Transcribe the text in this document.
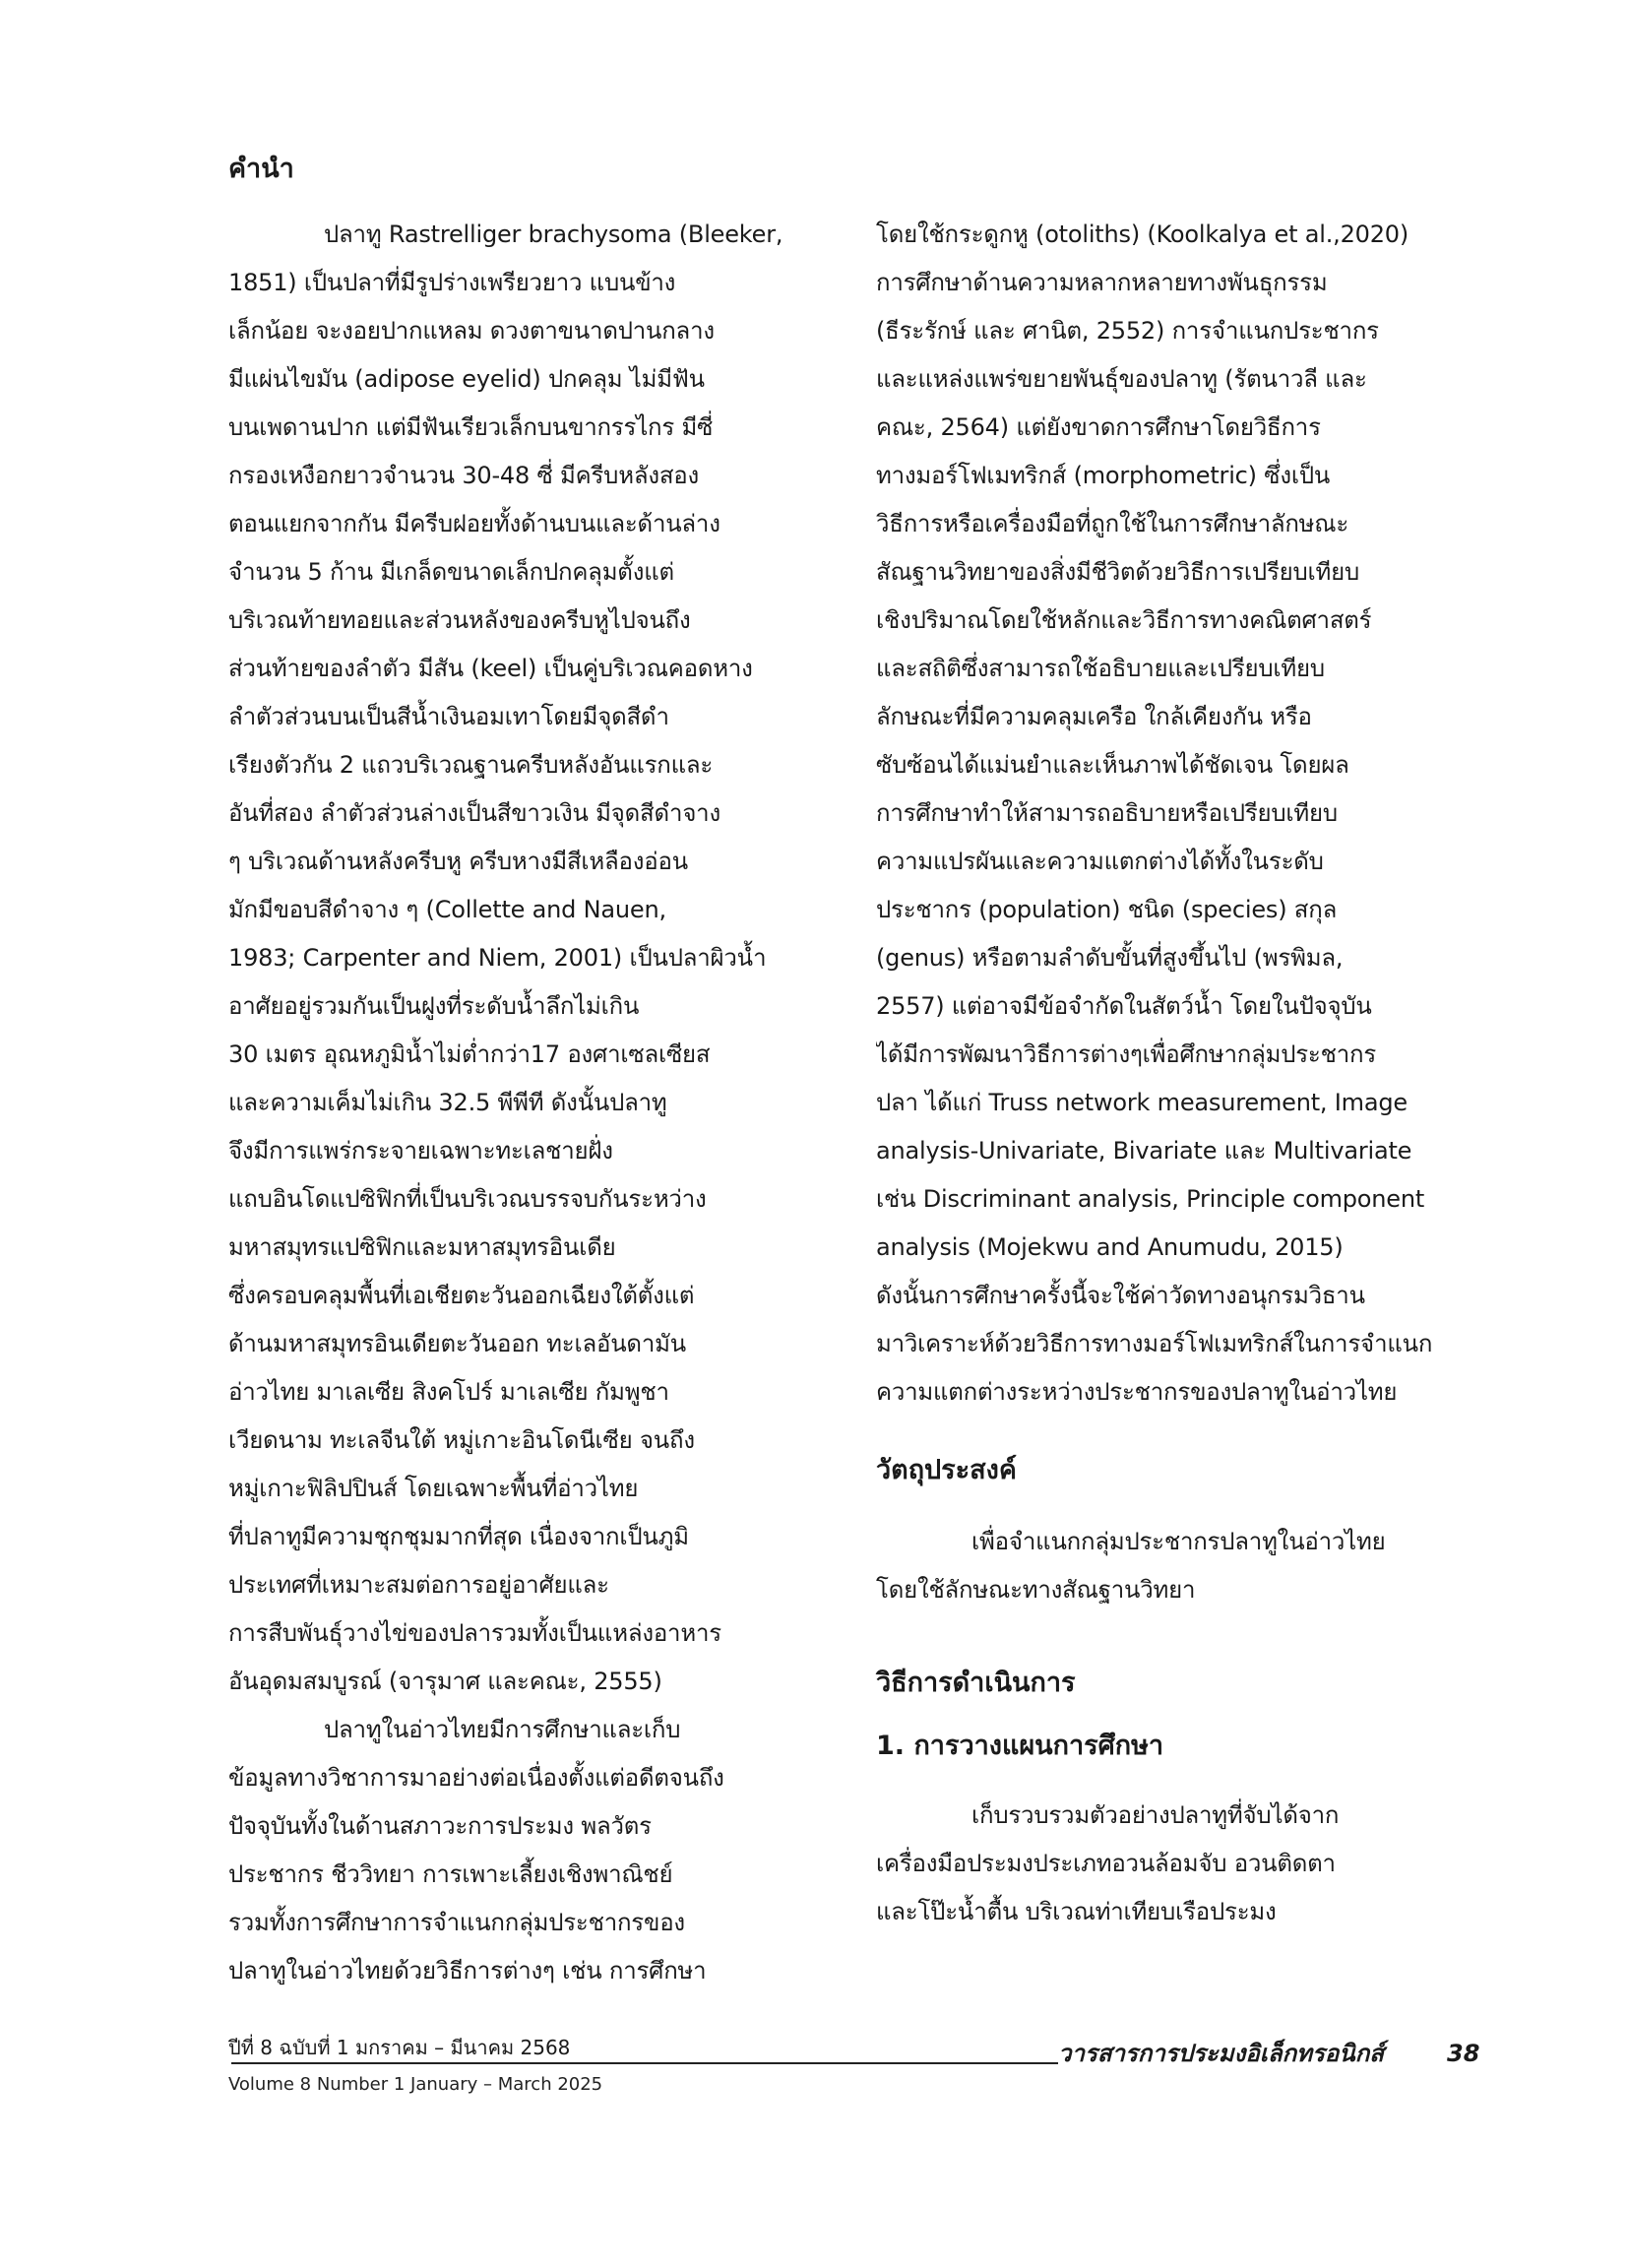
คำนำ
ปลาทู Rastrelliger brachysoma (Bleeker,
1851) เป็นปลาที่มีรูปร่างเพรียวยาว แบนข้าง
เล็กน้อย จะงอยปากแหลม ดวงตาขนาดปานกลาง
มีแผ่นไขมัน (adipose eyelid) ปกคลุม ไม่มีฟัน
บนเพดานปาก แต่มีฟันเรียวเล็กบนขากรรไกร มีซี่
กรองเหงือกยาวจำนวน 30-48 ซี่ มีครีบหลังสอง
ตอนแยกจากกัน มีครีบฝอยทั้งด้านบนและด้านล่าง
จำนวน 5 ก้าน มีเกล็ดขนาดเล็กปกคลุมตั้งแต่
บริเวณท้ายทอยและส่วนหลังของครีบหูไปจนถึง
ส่วนท้ายของลำตัว มีสัน (keel) เป็นคู่บริเวณคอดหาง
ลำตัวส่วนบนเป็นสีน้ำเงินอมเทาโดยมีจุดสีดำ
เรียงตัวกัน 2 แถวบริเวณฐานครีบหลังอันแรกและ
อันที่สอง ลำตัวส่วนล่างเป็นสีขาวเงิน มีจุดสีดำจาง
ๆ บริเวณด้านหลังครีบหู ครีบหางมีสีเหลืองอ่อน
มักมีขอบสีดำจาง ๆ (Collette and Nauen,
1983; Carpenter and Niem, 2001) เป็นปลาผิวน้ำ
อาศัยอยู่รวมกันเป็นฝูงที่ระดับน้ำลึกไม่เกิน
30 เมตร อุณหภูมิน้ำไม่ต่ำกว่า17 องศาเซลเซียส
และความเค็มไม่เกิน 32.5 พีพีที ดังนั้นปลาทู
จึงมีการแพร่กระจายเฉพาะทะเลชายฝั่ง
แถบอินโดแปซิฟิกที่เป็นบริเวณบรรจบกันระหว่าง
มหาสมุทรแปซิฟิกและมหาสมุทรอินเดีย
ซึ่งครอบคลุมพื้นที่เอเชียตะวันออกเฉียงใต้ตั้งแต่
ด้านมหาสมุทรอินเดียตะวันออก ทะเลอันดามัน
อ่าวไทย มาเลเซีย สิงคโปร์ มาเลเซีย กัมพูชา
เวียดนาม ทะเลจีนใต้ หมู่เกาะอินโดนีเซีย จนถึง
หมู่เกาะฟิลิปปินส์ โดยเฉพาะพื้นที่อ่าวไทย
ที่ปลาทูมีความชุกชุมมากที่สุด เนื่องจากเป็นภูมิ
ประเทศที่เหมาะสมต่อการอยู่อาศัยและ
การสืบพันธุ์วางไข่ของปลารวมทั้งเป็นแหล่งอาหาร
อันอุดมสมบูรณ์ (จารุมาศ และคณะ, 2555)
ปลาทูในอ่าวไทยมีการศึกษาและเก็บ
ข้อมูลทางวิชาการมาอย่างต่อเนื่องตั้งแต่อดีตจนถึง
ปัจจุบันทั้งในด้านสภาวะการประมง พลวัตร
ประชากร ชีววิทยา การเพาะเลี้ยงเชิงพาณิชย์
รวมทั้งการศึกษาการจำแนกกลุ่มประชากรของ
ปลาทูในอ่าวไทยด้วยวิธีการต่างๆ เช่น การศึกษา
โดยใช้กระดูกหู (otoliths) (Koolkalya et al.,2020)
การศึกษาด้านความหลากหลายทางพันธุกรรม
(ธีระรักษ์ และ ศานิต, 2552) การจำแนกประชากร
และแหล่งแพร่ขยายพันธุ์ของปลาทู (รัตนาวลี และ
คณะ, 2564) แต่ยังขาดการศึกษาโดยวิธีการ
ทางมอร์โฟเมทริกส์ (morphometric) ซึ่งเป็น
วิธีการหรือเครื่องมือที่ถูกใช้ในการศึกษาลักษณะ
สัณฐานวิทยาของสิ่งมีชีวิตด้วยวิธีการเปรียบเทียบ
เชิงปริมาณโดยใช้หลักและวิธีการทางคณิตศาสตร์
และสถิติซึ่งสามารถใช้อธิบายและเปรียบเทียบ
ลักษณะที่มีความคลุมเครือ ใกล้เคียงกัน หรือ
ซับซ้อนได้แม่นยำและเห็นภาพได้ชัดเจน โดยผล
การศึกษาทำให้สามารถอธิบายหรือเปรียบเทียบ
ความแปรผันและความแตกต่างได้ทั้งในระดับ
ประชากร (population) ชนิด (species) สกุล
(genus) หรือตามลำดับขั้นที่สูงขึ้นไป (พรพิมล,
2557) แต่อาจมีข้อจำกัดในสัตว์น้ำ โดยในปัจจุบัน
ได้มีการพัฒนาวิธีการต่างๆเพื่อศึกษากลุ่มประชากร
ปลา ได้แก่ Truss network measurement, Image
analysis-Univariate, Bivariate และ Multivariate
เช่น Discriminant analysis, Principle component
analysis (Mojekwu and Anumudu, 2015)
ดังนั้นการศึกษาครั้งนี้จะใช้ค่าวัดทางอนุกรมวิธาน
มาวิเคราะห์ด้วยวิธีการทางมอร์โฟเมทริกส์ในการจำแนก
ความแตกต่างระหว่างประชากรของปลาทูในอ่าวไทย
วัตถุประสงค์
เพื่อจำแนกกลุ่มประชากรปลาทูในอ่าวไทย
โดยใช้ลักษณะทางสัณฐานวิทยา
วิธีการดำเนินการ
1. การวางแผนการศึกษา
เก็บรวบรวมตัวอย่างปลาทูที่จับได้จาก
เครื่องมือประมงประเภทอวนล้อมจับ อวนติดตา
และโป๊ะน้ำตื้น บริเวณท่าเทียบเรือประมง
ปีที่ 8 ฉบับที่ 1 มกราคม – มีนาคม 2568
Volume 8 Number 1 January – March 2025
วารสารการประมงอิเล็กทรอนิกส์	38
